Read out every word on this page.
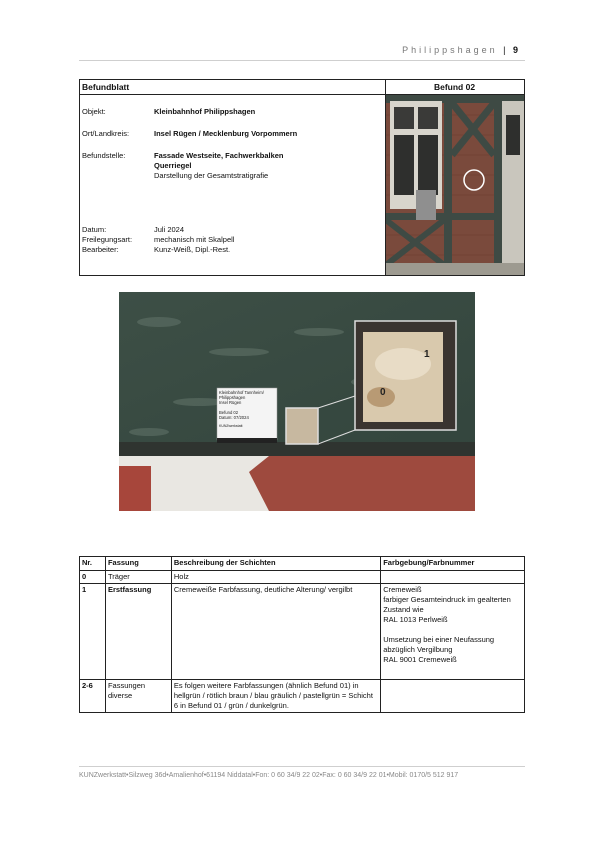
Philippshagen | 9
Befundblatt	Befund 02
Objekt:	Kleinbahnhof Philippshagen
Ort/Landkreis:	Insel Rügen / Mecklenburg Vorpommern
Befundstelle:	Fassade Westseite, Fachwerkbalken
Querriegel
Darstellung der Gesamtstratigrafie
Datum:	Juli 2024
Freilegungsart:	mechanisch mit Skalpell
Bearbeiter:	Kunz-Weiß, Dipl.-Rest.
Kleinbahnhof Tannheim/
Philippshagen
Insel Rügen
Befund 02
Datum: 07/2024
KUNZwerkstatt
1
0
Nr.	Fassung	Beschreibung der Schichten	Farbgebung/Farbnummer
0	Träger	Holz	
1	Erstfassung	Cremeweiße Farbfassung, deutliche Alterung/ vergilbt	Cremeweiß
farbiger Gesamteindruck im gealterten Zustand wie
RAL 1013 Perlweiß

Umsetzung bei einer Neufassung abzüglich Vergilbung
RAL 9001 Cremeweiß
2-6	Fassungen diverse	Es folgen weitere Farbfassungen (ähnlich Befund 01) in hellgrün / rötlich braun / blau gräulich / pastellgrün = Schicht 6 in Befund 01 / grün / dunkelgrün.	
KUNZwerkstatt•Silzweg 36d•Amalienhof•61194 Niddatal•Fon: 0 60 34/9 22 02•Fax: 0 60 34/9 22 01•Mobil: 0170/5 512 917
